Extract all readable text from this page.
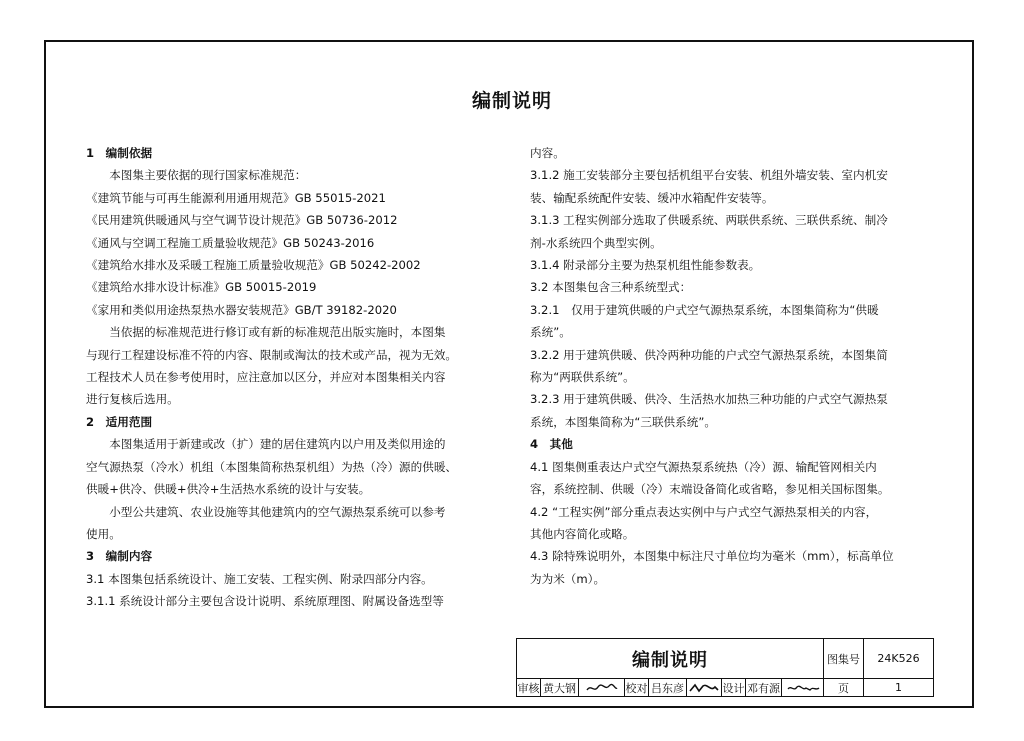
编制说明

1　编制依据

本图集主要依据的现行国家标准规范：

《建筑节能与可再生能源利用通用规范》GB 55015-2021

《民用建筑供暖通风与空气调节设计规范》GB 50736-2012

《通风与空调工程施工质量验收规范》GB 50243-2016

《建筑给水排水及采暖工程施工质量验收规范》GB 50242-2002

《建筑给水排水设计标准》GB 50015-2019

《家用和类似用途热泵热水器安装规范》GB/T 39182-2020

当依据的标准规范进行修订或有新的标准规范出版实施时，本图集

与现行工程建设标准不符的内容、限制或淘汰的技术或产品，视为无效。

工程技术人员在参考使用时，应注意加以区分，并应对本图集相关内容

进行复核后选用。

2　适用范围

本图集适用于新建或改（扩）建的居住建筑内以户用及类似用途的

空气源热泵（冷水）机组（本图集简称热泵机组）为热（冷）源的供暖、

供暖+供冷、供暖+供冷+生活热水系统的设计与安装。

小型公共建筑、农业设施等其他建筑内的空气源热泵系统可以参考

使用。

3　编制内容

3.1 本图集包括系统设计、施工安装、工程实例、附录四部分内容。

3.1.1 系统设计部分主要包含设计说明、系统原理图、附属设备选型等

内容。

3.1.2 施工安装部分主要包括机组平台安装、机组外墙安装、室内机安

装、输配系统配件安装、缓冲水箱配件安装等。

3.1.3 工程实例部分选取了供暖系统、两联供系统、三联供系统、制冷

剂-水系统四个典型实例。

3.1.4 附录部分主要为热泵机组性能参数表。

3.2 本图集包含三种系统型式：

3.2.1　仅用于建筑供暖的户式空气源热泵系统，本图集简称为“供暖

系统”。

3.2.2 用于建筑供暖、供冷两种功能的户式空气源热泵系统，本图集简

称为“两联供系统”。

3.2.3 用于建筑供暖、供冷、生活热水加热三种功能的户式空气源热泵

系统，本图集简称为“三联供系统”。

4　其他

4.1 图集侧重表达户式空气源热泵系统热（冷）源、输配管网相关内

容，系统控制、供暖（冷）末端设备简化或省略，参见相关国标图集。

4.2 “工程实例”部分重点表达实例中与户式空气源热泵相关的内容，

其他内容简化或略。

4.3 除特殊说明外，本图集中标注尺寸单位均为毫米（mm），标高单位

为为米（m）。

编制说明									图集号	24K526
审核	黄大钢		校对	吕东彦		设计	邓有源		页	1
